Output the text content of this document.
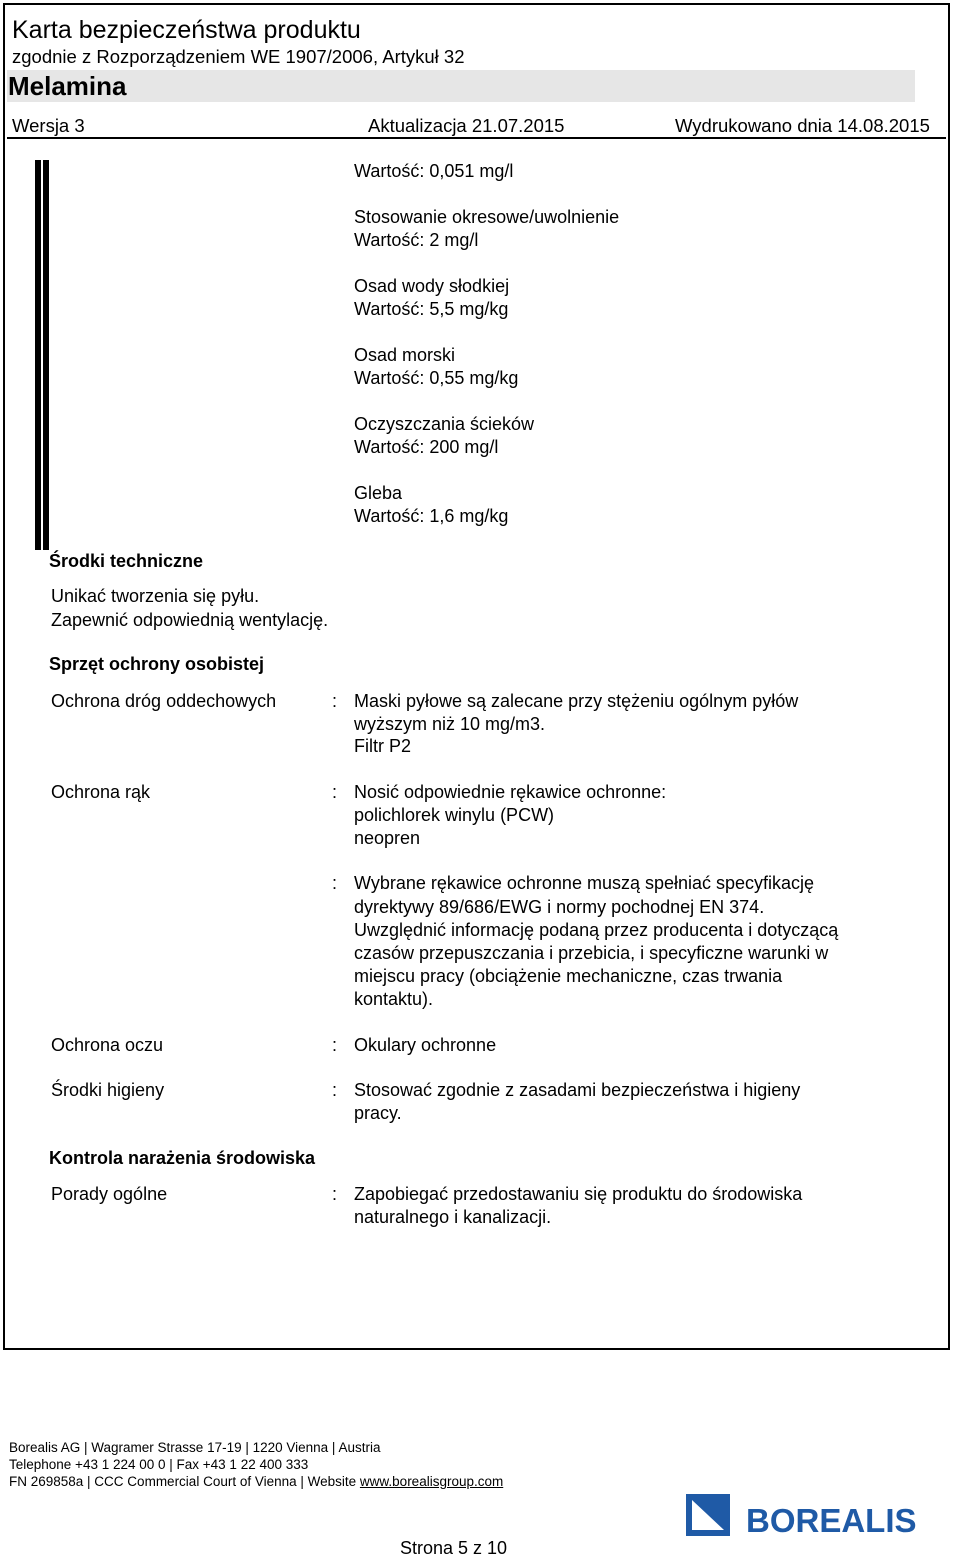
Karta bezpieczeństwa produktu
zgodnie z Rozporządzeniem WE 1907/2006, Artykuł 32
Melamina
Wersja 3	Aktualizacja 21.07.2015	Wydrukowano dnia 14.08.2015
Wartość: 0,051 mg/l
Stosowanie okresowe/uwolnienie
Wartość: 2 mg/l
Osad wody słodkiej
Wartość: 5,5 mg/kg
Osad morski
Wartość: 0,55 mg/kg
Oczyszczania ścieków
Wartość: 200 mg/l
Gleba
Wartość: 1,6 mg/kg
Środki techniczne
Unikać tworzenia się pyłu.
Zapewnić odpowiednią wentylację.
Sprzęt ochrony osobistej
Ochrona dróg oddechowych	: Maski pyłowe są zalecane przy stężeniu ogólnym pyłów
wyższym niż 10 mg/m3.
Filtr P2
Ochrona rąk	: Nosić odpowiednie rękawice ochronne:
polichlorek winylu (PCW)
neopren
: Wybrane rękawice ochronne muszą spełniać specyfikację
dyrektywy 89/686/EWG i normy pochodnej EN 374.
Uwzględnić informację podaną przez producenta i dotyczącą
czasów przepuszczania i przebicia, i specyficzne warunki w
miejscu pracy (obciążenie mechaniczne, czas trwania
kontaktu).
Ochrona oczu	: Okulary ochronne
Środki higieny	: Stosować zgodnie z zasadami bezpieczeństwa i higieny
pracy.
Kontrola narażenia środowiska
Porady ogólne	: Zapobiegać przedostawaniu się produktu do środowiska
naturalnego i kanalizacji.
Borealis AG | Wagramer Strasse 17-19 | 1220 Vienna | Austria
Telephone +43 1 224 00 0 | Fax +43 1 22 400 333
FN 269858a | CCC Commercial Court of Vienna | Website www.borealisgroup.com
BOREALIS
Strona 5 z 10
